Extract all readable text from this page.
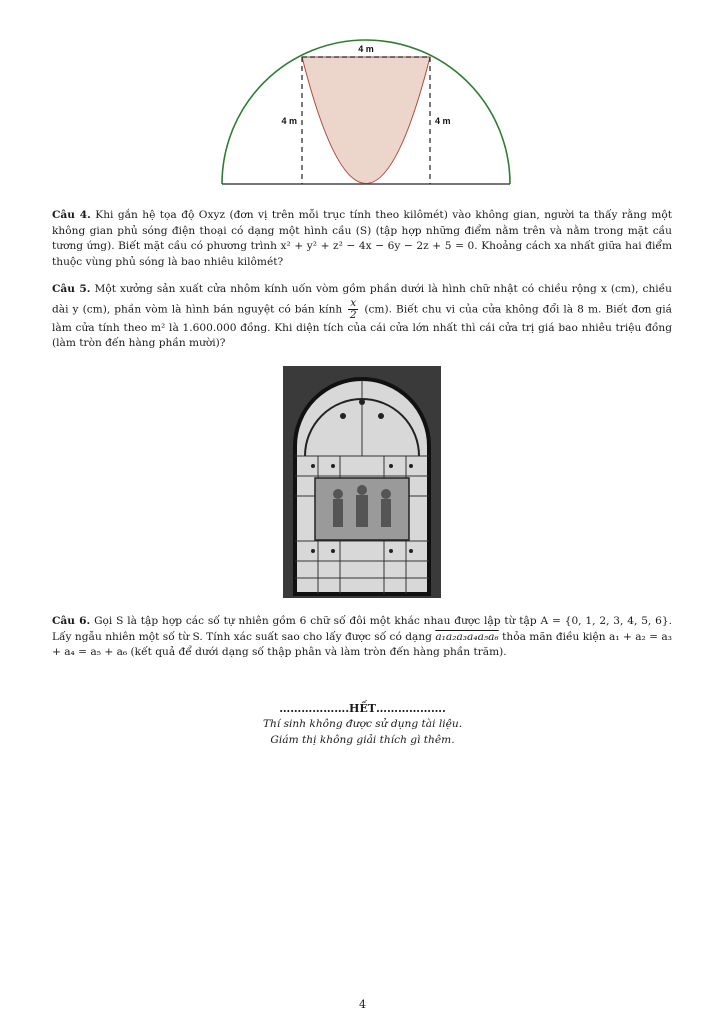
4 m
4 m	4 m
Câu 4. Khi gắn hệ tọa độ Oxyz (đơn vị trên mỗi trục tính theo kilômét) vào không gian, người ta thấy rằng một không gian phủ sóng điện thoại có dạng một hình cầu (S) (tập hợp những điểm nằm trên và nằm trong mặt cầu tương ứng). Biết mặt cầu có phương trình x² + y² + z² − 4x − 6y − 2z + 5 = 0. Khoảng cách xa nhất giữa hai điểm thuộc vùng phủ sóng là bao nhiêu kilômét?
Câu 5. Một xưởng sản xuất cửa nhôm kính uốn vòm gồm phần dưới là hình chữ nhật có chiều rộng x (cm), chiều dài y (cm), phần vòm là hình bán nguyệt có bán kính $\frac{x}{2} (cm)$. Biết chu vi của cửa không đổi là 8 m. Biết đơn giá làm cửa tính theo m² là 1.600.000 đồng. Khi diện tích của cái cửa lớn nhất thì cái cửa trị giá bao nhiêu triệu đồng (làm tròn đến hàng phần mười)?
Câu 6. Gọi S là tập hợp các số tự nhiên gồm 6 chữ số đôi một khác nhau được lập từ tập A = {0, 1, 2, 3, 4, 5, 6}. Lấy ngẫu nhiên một số từ S. Tính xác suất sao cho lấy được số có dạng a₁a₂a₃a₄a₅a₆ thỏa mãn điều kiện a₁ + a₂ = a₃ + a₄ = a₅ + a₆ (kết quả để dưới dạng số thập phân và làm tròn đến hàng phần trăm).
……………….HẾT……………….
Thí sinh không được sử dụng tài liệu.
Giám thị không giải thích gì thêm.
4
